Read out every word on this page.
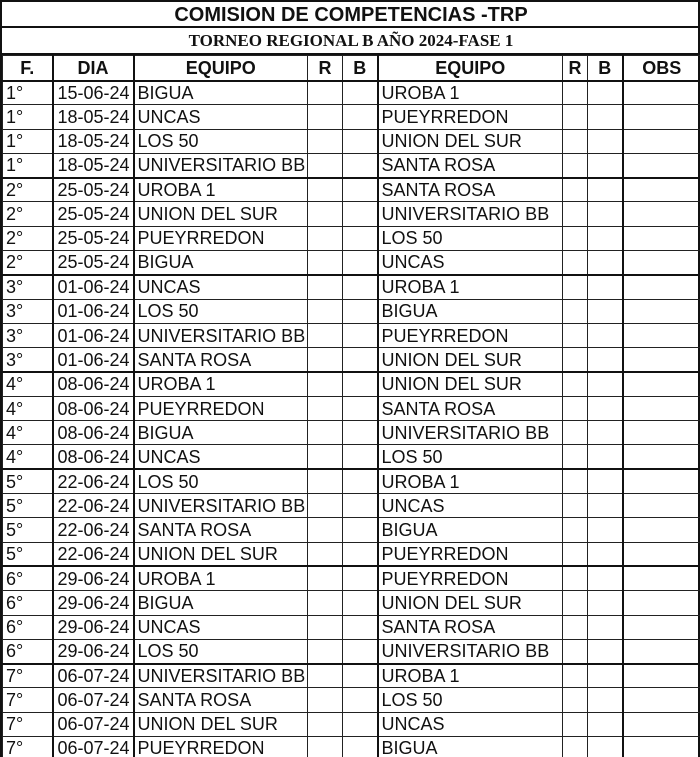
COMISION DE COMPETENCIAS -TRP
TORNEO REGIONAL B AÑO 2024-FASE 1
F.	DIA	EQUIPO	R	B	EQUIPO	R	B	OBS
1°	15-06-24	BIGUA			UROBA 1			
1°	18-05-24	UNCAS			PUEYRREDON			
1°	18-05-24	LOS 50			UNION DEL SUR			
1°	18-05-24	UNIVERSITARIO BB			SANTA ROSA			
2°	25-05-24	UROBA 1			SANTA ROSA			
2°	25-05-24	UNION DEL SUR			UNIVERSITARIO BB			
2°	25-05-24	PUEYRREDON			LOS 50			
2°	25-05-24	BIGUA			UNCAS			
3°	01-06-24	UNCAS			UROBA 1			
3°	01-06-24	LOS 50			BIGUA			
3°	01-06-24	UNIVERSITARIO BB			PUEYRREDON			
3°	01-06-24	SANTA ROSA			UNION DEL SUR			
4°	08-06-24	UROBA 1			UNION DEL SUR			
4°	08-06-24	PUEYRREDON			SANTA ROSA			
4°	08-06-24	BIGUA			UNIVERSITARIO BB			
4°	08-06-24	UNCAS			LOS 50			
5°	22-06-24	LOS 50			UROBA 1			
5°	22-06-24	UNIVERSITARIO BB			UNCAS			
5°	22-06-24	SANTA ROSA			BIGUA			
5°	22-06-24	UNION DEL SUR			PUEYRREDON			
6°	29-06-24	UROBA 1			PUEYRREDON			
6°	29-06-24	BIGUA			UNION DEL SUR			
6°	29-06-24	UNCAS			SANTA ROSA			
6°	29-06-24	LOS 50			UNIVERSITARIO BB			
7°	06-07-24	UNIVERSITARIO BB			UROBA 1			
7°	06-07-24	SANTA ROSA			LOS 50			
7°	06-07-24	UNION DEL SUR			UNCAS			
7°	06-07-24	PUEYRREDON			BIGUA			
